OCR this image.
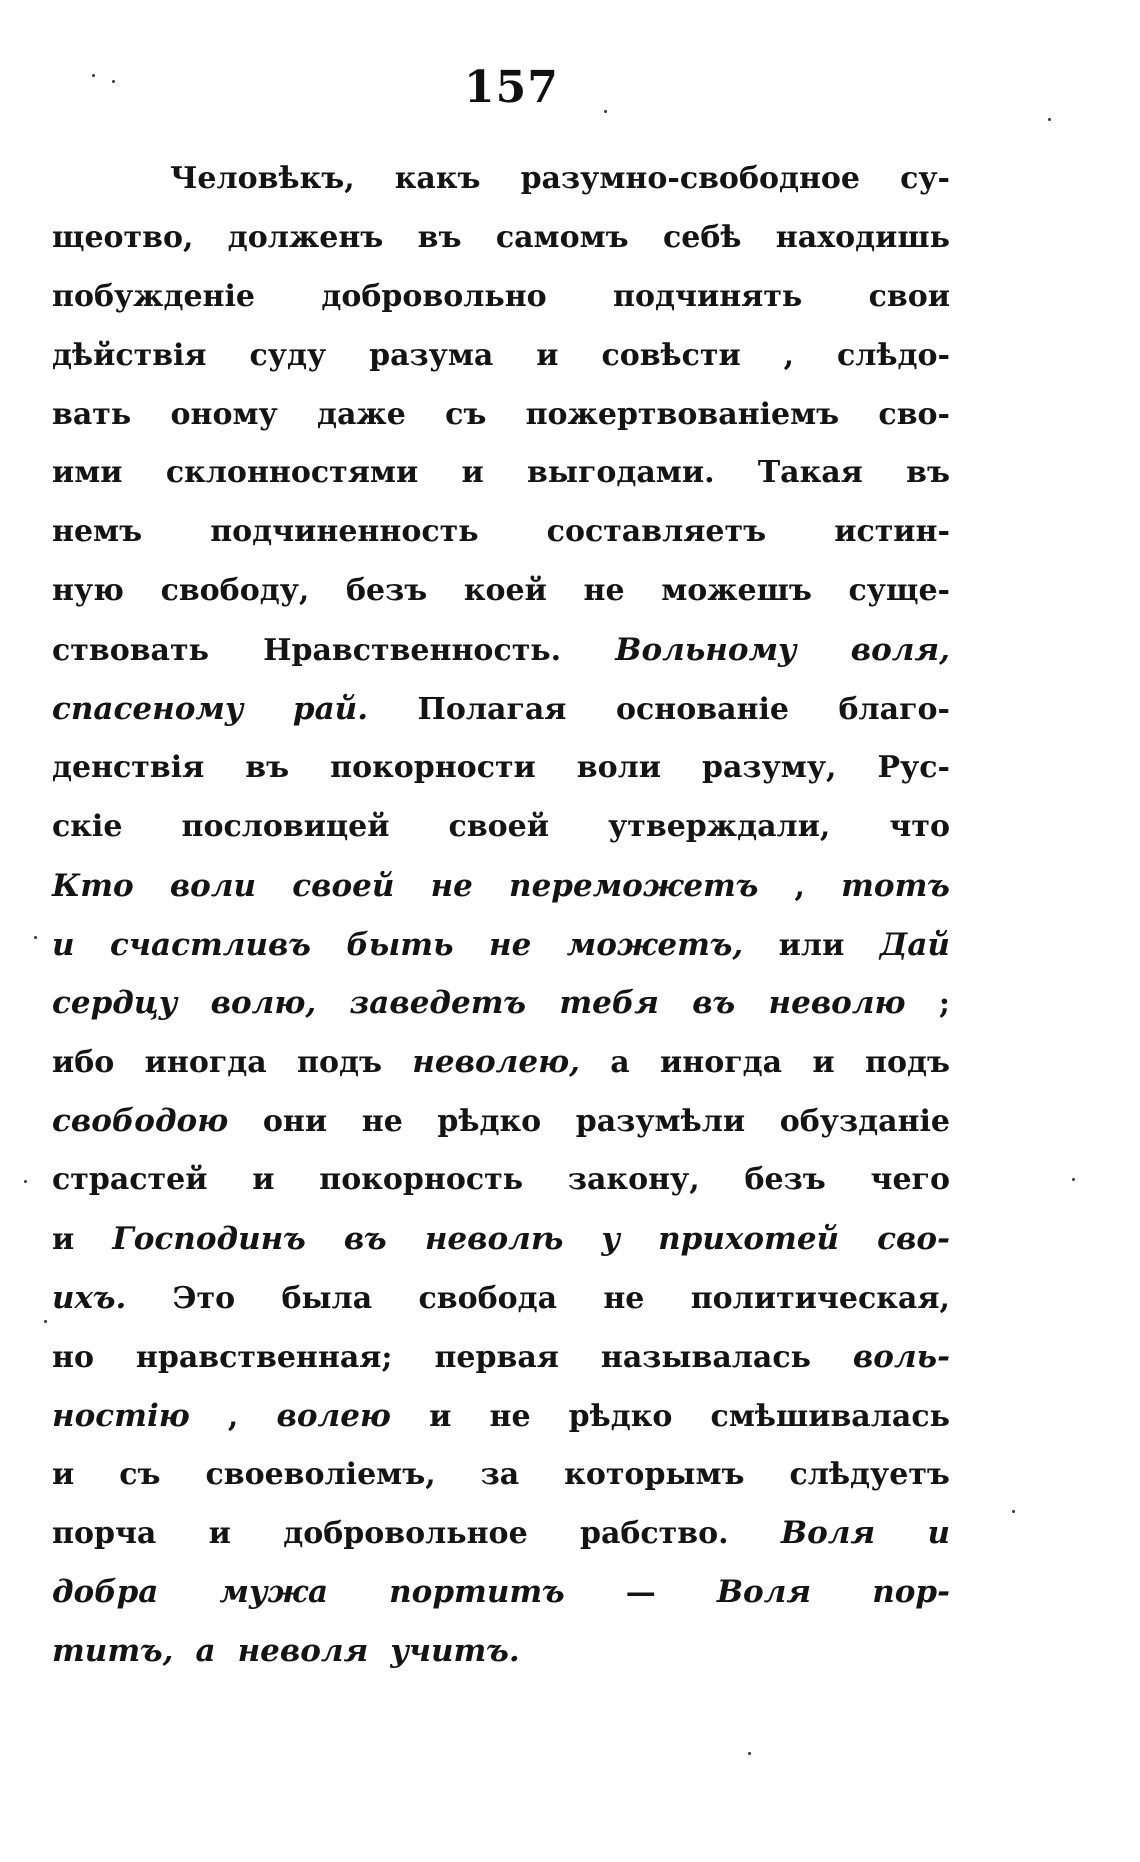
157
Человѣкъ, какъ разумно-свободное су-
щеотво, долженъ въ самомъ себѣ находишь
побужденіе добровольно подчинять свои
дѣйствія суду разума и совѣсти , слѣдо-
вать оному даже съ пожертвованіемъ сво-
ими склонностями и выгодами. Такая въ
немъ подчиненность составляетъ истин-
ную свободу, безъ коей не можешъ суще-
ствовать Нравственность. Вольному воля,
спасеному рай. Полагая основаніе благо-
денствія въ покорности воли разуму, Рус-
скіе пословицей своей утверждали, что
Кто воли своей не переможетъ , тотъ
и счастливъ быть не можетъ, или Дай
сердцу волю, заведетъ тебя въ неволю ;
ибо иногда подъ неволею, а иногда и подъ
свободою они не рѣдко разумѣли обузданіе
страстей и покорность закону, безъ чего
и Господинъ въ неволѣ у прихотей сво-
ихъ. Это была свобода не политическая,
но нравственная; первая называлась воль-
ностію , волею и не рѣдко смѣшивалась
и съ своеволіемъ, за которымъ слѣдуетъ
порча и добровольное рабство. Воля и
добра мужа портитъ — Воля пор-
титъ, а неволя учитъ.
